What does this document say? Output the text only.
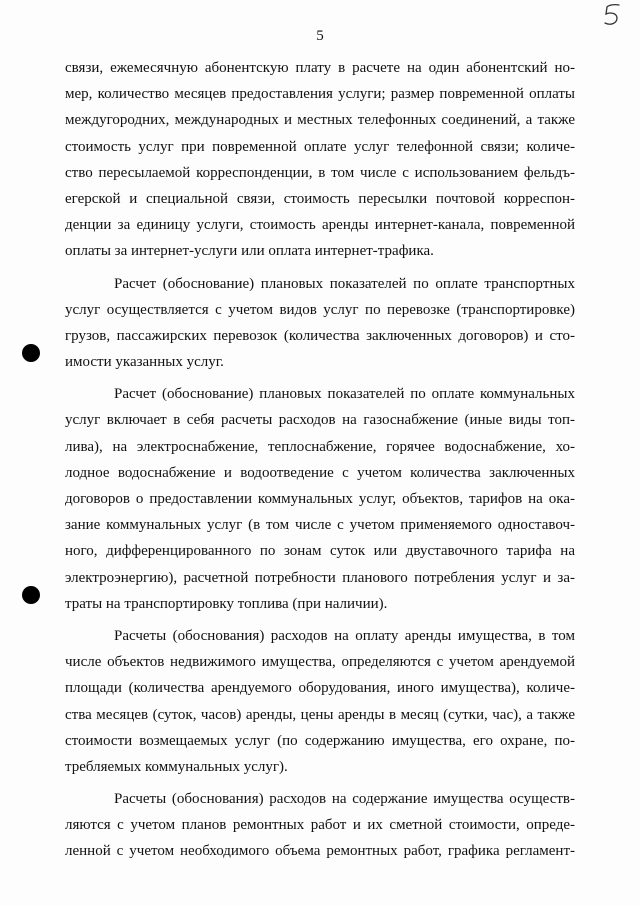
5
связи, ежемесячную абонентскую плату в расчете на один абонентский но-
мер, количество месяцев предоставления услуги; размер повременной оплаты
междугородних, международных и местных телефонных соединений, а также
стоимость услуг при повременной оплате услуг телефонной связи; количе-
ство пересылаемой корреспонденции, в том числе с использованием фельдъ-
егерской и специальной связи, стоимость пересылки почтовой корреспон-
денции за единицу услуги, стоимость аренды интернет-канала, повременной
оплаты за интернет-услуги или оплата интернет-трафика.
Расчет (обоснование) плановых показателей по оплате транспортных
услуг осуществляется с учетом видов услуг по перевозке (транспортировке)
грузов, пассажирских перевозок (количества заключенных договоров) и сто-
имости указанных услуг.
Расчет (обоснование) плановых показателей по оплате коммунальных
услуг включает в себя расчеты расходов на газоснабжение (иные виды топ-
лива), на электроснабжение, теплоснабжение, горячее водоснабжение, хо-
лодное водоснабжение и водоотведение с учетом количества заключенных
договоров о предоставлении коммунальных услуг, объектов, тарифов на ока-
зание коммунальных услуг (в том числе с учетом применяемого одноставоч-
ного, дифференцированного по зонам суток или двуставочного тарифа на
электроэнергию), расчетной потребности планового потребления услуг и за-
траты на транспортировку топлива (при наличии).
Расчеты (обоснования) расходов на оплату аренды имущества, в том
числе объектов недвижимого имущества, определяются с учетом арендуемой
площади (количества арендуемого оборудования, иного имущества), количе-
ства месяцев (суток, часов) аренды, цены аренды в месяц (сутки, час), а также
стоимости возмещаемых услуг (по содержанию имущества, его охране, по-
требляемых коммунальных услуг).
Расчеты (обоснования) расходов на содержание имущества осуществ-
ляются с учетом планов ремонтных работ и их сметной стоимости, опреде-
ленной с учетом необходимого объема ремонтных работ, графика регламент-
